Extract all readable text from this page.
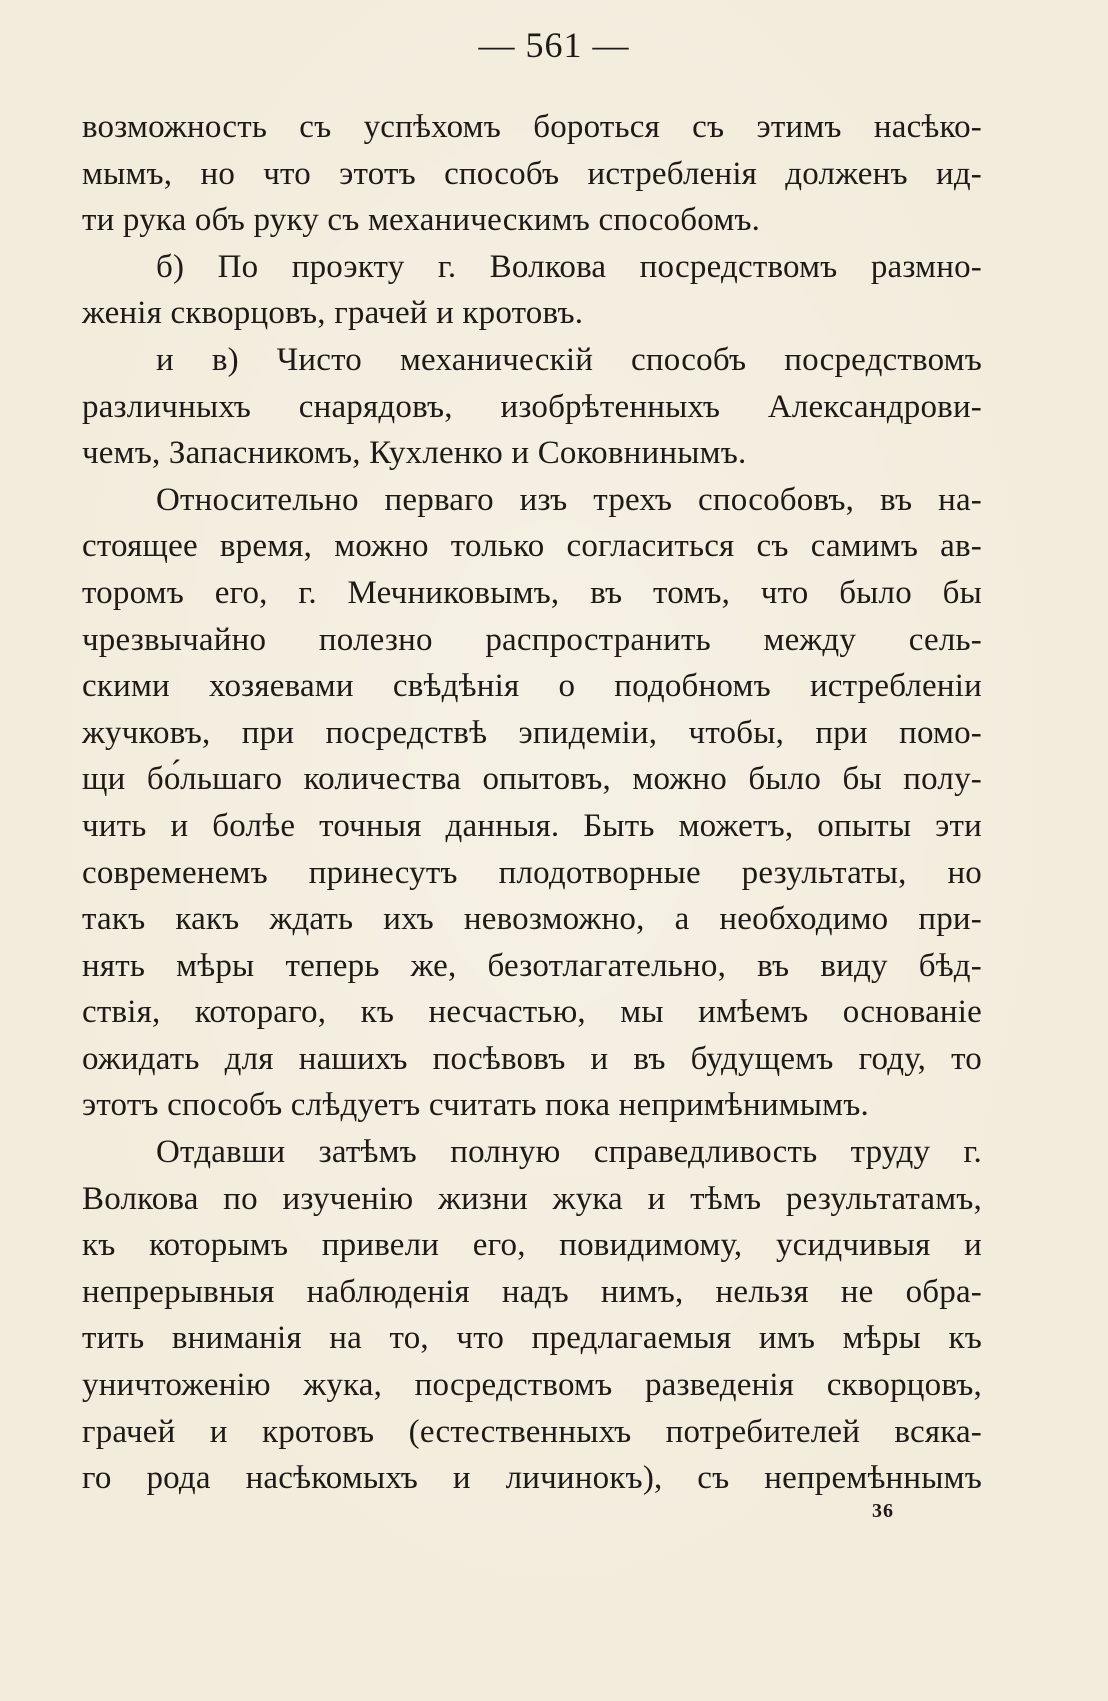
— 561 —
возможность съ успѣхомъ бороться съ этимъ насѣко-
мымъ, но что этотъ способъ истребленія долженъ ид-
ти рука объ руку съ механическимъ способомъ.
б) По проэкту г. Волкова посредствомъ размно-
женія скворцовъ, грачей и кротовъ.
и в) Чисто механическій способъ посредствомъ
различныхъ снарядовъ, изобрѣтенныхъ Александрови-
чемъ, Запасникомъ, Кухленко и Соковнинымъ.
Относительно перваго изъ трехъ способовъ, въ на-
стоящее время, можно только согласиться съ самимъ ав-
торомъ его, г. Мечниковымъ, въ томъ, что было бы
чрезвычайно полезно распространить между сель-
скими хозяевами свѣдѣнія о подобномъ истребленіи
жучковъ, при посредствѣ эпидеміи, чтобы, при помо-
щи бо́льшаго количества опытовъ, можно было бы полу-
чить и болѣе точныя данныя. Быть можетъ, опыты эти
современемъ принесутъ плодотворные результаты, но
такъ какъ ждать ихъ невозможно, а необходимо при-
нять мѣры теперь же, безотлагательно, въ виду бѣд-
ствія, котораго, къ несчастью, мы имѣемъ основаніе
ожидать для нашихъ посѣвовъ и въ будущемъ году, то
этотъ способъ слѣдуетъ считать пока непримѣнимымъ.
Отдавши затѣмъ полную справедливость труду г.
Волкова по изученію жизни жука и тѣмъ результатамъ,
къ которымъ привели его, повидимому, усидчивыя и
непрерывныя наблюденія надъ нимъ, нельзя не обра-
тить вниманія на то, что предлагаемыя имъ мѣры къ
уничтоженію жука, посредствомъ разведенія скворцовъ,
грачей и кротовъ (естественныхъ потребителей всяка-
го рода насѣкомыхъ и личинокъ), съ непремѣннымъ
36
